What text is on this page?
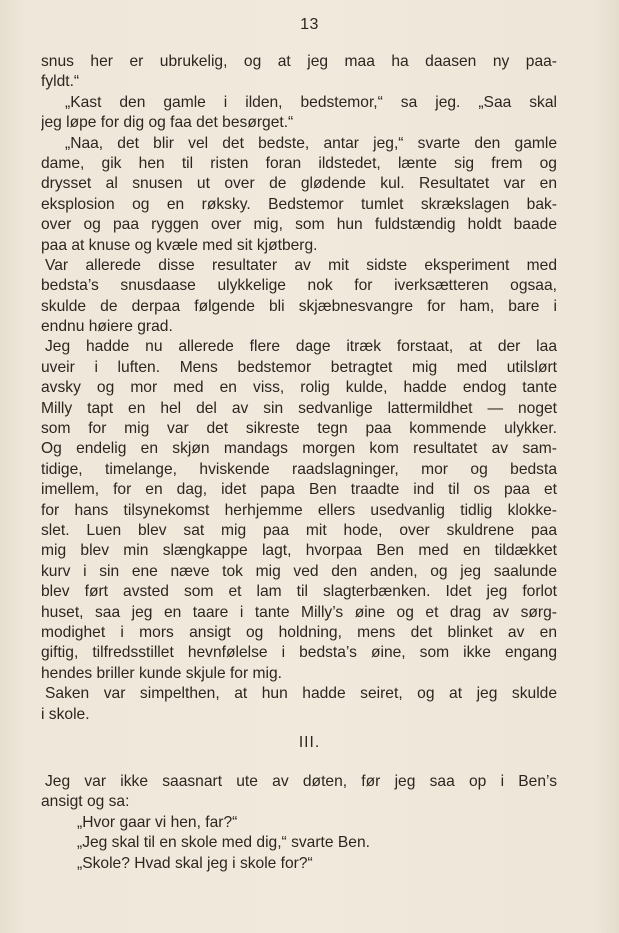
13
snus her er ubrukelig, og at jeg maa ha daasen ny paa-
fyldt.“
„Kast den gamle i ilden, bedstemor,“ sa jeg. „Saa skal
jeg løpe for dig og faa det besørget.“
„Naa, det blir vel det bedste, antar jeg,“ svarte den gamle
dame, gik hen til risten foran ildstedet, lænte sig frem og
drysset al snusen ut over de glødende kul. Resultatet var en
eksplosion og en røksky. Bedstemor tumlet skrækslagen bak-
over og paa ryggen over mig, som hun fuldstændig holdt baade
paa at knuse og kvæle med sit kjøtberg.
Var allerede disse resultater av mit sidste eksperiment med
bedsta’s snusdaase ulykkelige nok for iverksætteren ogsaa,
skulde de derpaa følgende bli skjæbnesvangre for ham, bare i
endnu høiere grad.
Jeg hadde nu allerede flere dage itræk forstaat, at der laa
uveir i luften. Mens bedstemor betragtet mig med utilslørt
avsky og mor med en viss, rolig kulde, hadde endog tante
Milly tapt en hel del av sin sedvanlige lattermildhet — noget
som for mig var det sikreste tegn paa kommende ulykker.
Og endelig en skjøn mandags morgen kom resultatet av sam-
tidige, timelange, hviskende raadslagninger, mor og bedsta
imellem, for en dag, idet papa Ben traadte ind til os paa et
for hans tilsynekomst herhjemme ellers usedvanlig tidlig klokke-
slet. Luen blev sat mig paa mit hode, over skuldrene paa
mig blev min slængkappe lagt, hvorpaa Ben med en tildækket
kurv i sin ene næve tok mig ved den anden, og jeg saalunde
blev ført avsted som et lam til slagterbænken. Idet jeg forlot
huset, saa jeg en taare i tante Milly’s øine og et drag av sørg-
modighet i mors ansigt og holdning, mens det blinket av en
giftig, tilfredsstillet hevnfølelse i bedsta’s øine, som ikke engang
hendes briller kunde skjule for mig.
Saken var simpelthen, at hun hadde seiret, og at jeg skulde
i skole.
III.
Jeg var ikke saasnart ute av døten, før jeg saa op i Ben’s
ansigt og sa:
„Hvor gaar vi hen, far?“
„Jeg skal til en skole med dig,“ svarte Ben.
„Skole? Hvad skal jeg i skole for?“
